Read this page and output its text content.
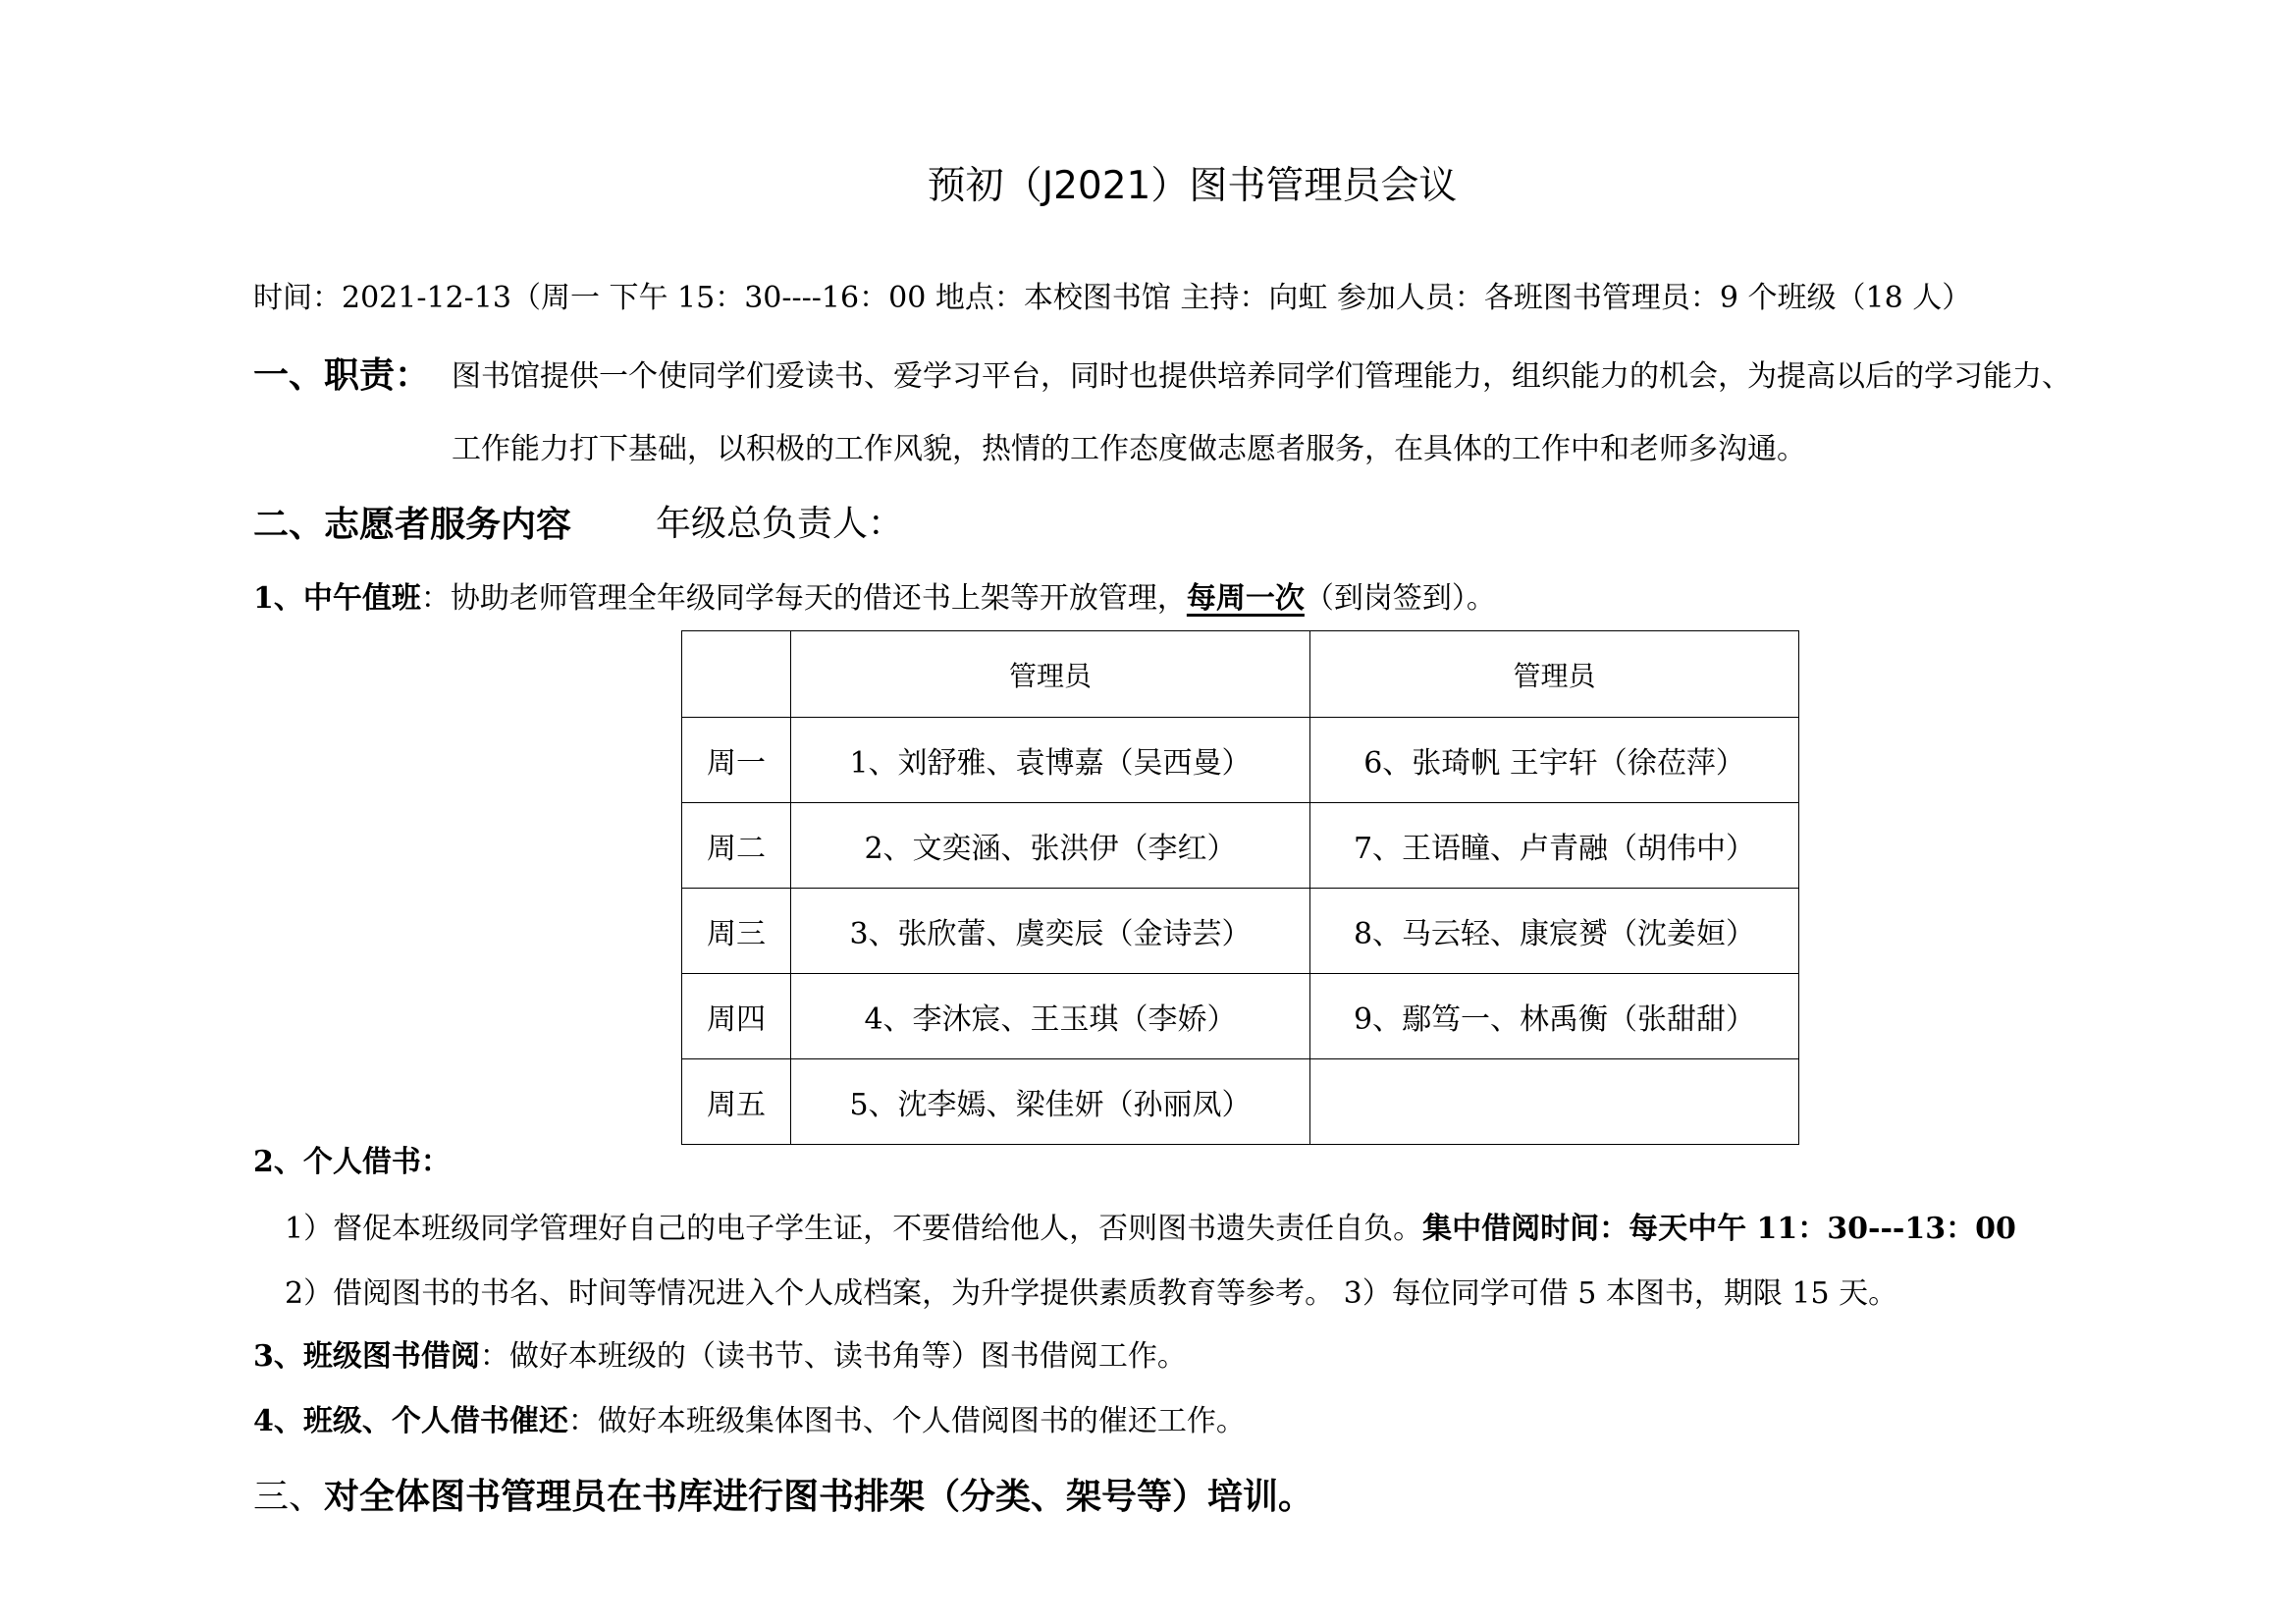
预初（J2021）图书管理员会议
时间：2021-12-13（周一 下午 15：30----16：00 地点：本校图书馆 主持：向虹 参加人员：各班图书管理员：9 个班级（18 人）
一、职责： 图书馆提供一个使同学们爱读书、爱学习平台，同时也提供培养同学们管理能力，组织能力的机会，为提高以后的学习能力、
工作能力打下基础，以积极的工作风貌，热情的工作态度做志愿者服务，在具体的工作中和老师多沟通。
二、志愿者服务内容 年级总负责人：
1、中午值班：协助老师管理全年级同学每天的借还书上架等开放管理，每周一次（到岗签到）。
	管理员	管理员
周一	1、刘舒雅、袁博嘉（吴西曼）	6、张琦帆 王宇轩（徐莅萍）
周二	2、文奕涵、张洪伊（李红）	7、王语瞳、卢青融（胡伟中）
周三	3、张欣蕾、虞奕辰（金诗芸）	8、马云轻、康宸赟（沈姜姮）
周四	4、李沐宸、王玉琪（李娇）	9、鄢笃一、林禹衡（张甜甜）
周五	5、沈李嫣、梁佳妍（孙丽凤）	
2、个人借书：
1）督促本班级同学管理好自己的电子学生证，不要借给他人，否则图书遗失责任自负。集中借阅时间：每天中午 11：30---13：00
2）借阅图书的书名、时间等情况进入个人成档案，为升学提供素质教育等参考。 3）每位同学可借 5 本图书，期限 15 天。
3、班级图书借阅：做好本班级的（读书节、读书角等）图书借阅工作。
4、班级、个人借书催还：做好本班级集体图书、个人借阅图书的催还工作。
三、对全体图书管理员在书库进行图书排架（分类、架号等）培训。
